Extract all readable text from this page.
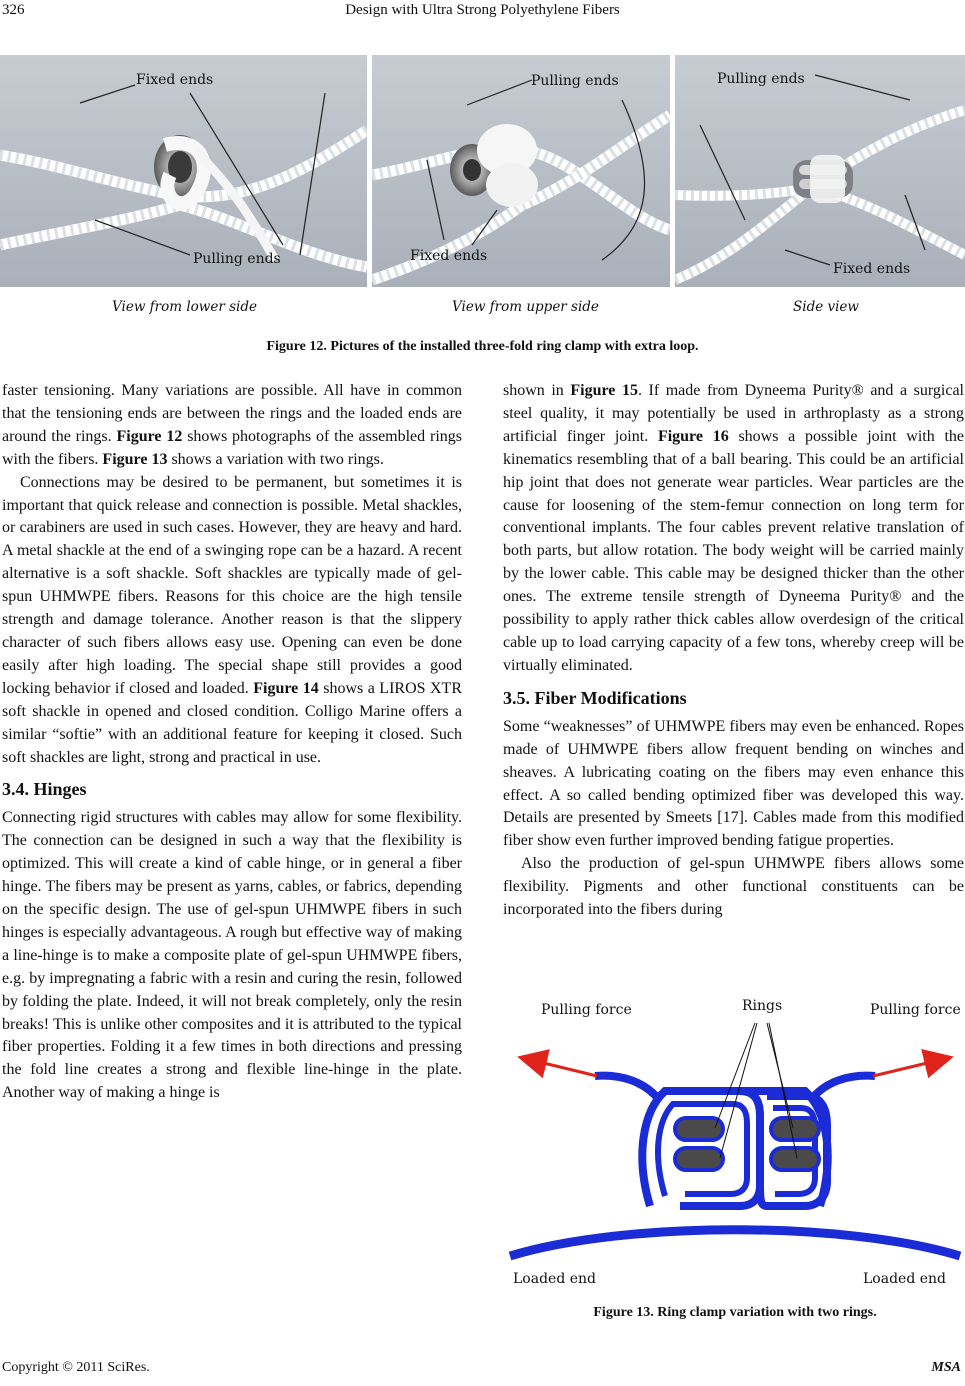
326	Design with Ultra Strong Polyethylene Fibers
Fixed ends
Pulling ends
Pulling ends
Fixed ends
Pulling ends
Fixed ends
View from lower side	View from upper side	Side view
Figure 12. Pictures of the installed three-fold ring clamp with extra loop.

faster tensioning. Many variations are possible. All have in common that the tensioning ends are between the rings and the loaded ends are around the rings. Figure 12 shows photographs of the assembled rings with the fibers. Figure 13 shows a variation with two rings.

Connections may be desired to be permanent, but sometimes it is important that quick release and connection is possible. Metal shackles, or carabiners are used in such cases. However, they are heavy and hard. A metal shackle at the end of a swinging rope can be a hazard. A recent alternative is a soft shackle. Soft shackles are typically made of gel-spun UHMWPE fibers. Reasons for this choice are the high tensile strength and damage tolerance. Another reason is that the slippery character of such fibers allows easy use. Opening can even be done easily after high loading. The special shape still provides a good locking behavior if closed and loaded. Figure 14 shows a LIROS XTR soft shackle in opened and closed condition. Colligo Marine offers a similar “softie” with an additional feature for keeping it closed. Such soft shackles are light, strong and practical in use.

3.4. Hinges

Connecting rigid structures with cables may allow for some flexibility. The connection can be designed in such a way that the flexibility is optimized. This will create a kind of cable hinge, or in general a fiber hinge. The fibers may be present as yarns, cables, or fabrics, depending on the specific design. The use of gel-spun UHMWPE fibers in such hinges is especially advantageous. A rough but effective way of making a line-hinge is to make a composite plate of gel-spun UHMWPE fibers, e.g. by impregnating a fabric with a resin and curing the resin, followed by folding the plate. Indeed, it will not break completely, only the resin breaks! This is unlike other composites and it is attributed to the typical fiber properties. Folding it a few times in both directions and pressing the fold line creates a strong and flexible line-hinge in the plate. Another way of making a hinge is

shown in Figure 15. If made from Dyneema Purity® and a surgical steel quality, it may potentially be used in arthroplasty as a strong artificial finger joint. Figure 16 shows a possible joint with the kinematics resembling that of a ball bearing. This could be an artificial hip joint that does not generate wear particles. Wear particles are the cause for loosening of the stem-femur connection on long term for conventional implants. The four cables prevent relative translation of both parts, but allow rotation. The body weight will be carried mainly by the lower cable. This cable may be designed thicker than the other ones. The extreme tensile strength of Dyneema Purity® and the possibility to apply rather thick cables allow overdesign of the critical cable up to load carrying capacity of a few tons, whereby creep will be virtually eliminated.

3.5. Fiber Modifications

Some “weaknesses” of UHMWPE fibers may even be enhanced. Ropes made of UHMWPE fibers allow frequent bending on winches and sheaves. A lubricating coating on the fibers may even enhance this effect. A so called bending optimized fiber was developed this way. Details are presented by Smeets [17]. Cables made from this modified fiber show even further improved bending fatigue properties.

Also the production of gel-spun UHMWPE fibers allows some flexibility. Pigments and other functional constituents can be incorporated into the fibers during

Pulling force	Rings	Pulling force
Loaded end	Loaded end
Figure 13. Ring clamp variation with two rings.
Copyright © 2011 SciRes.	MSA
